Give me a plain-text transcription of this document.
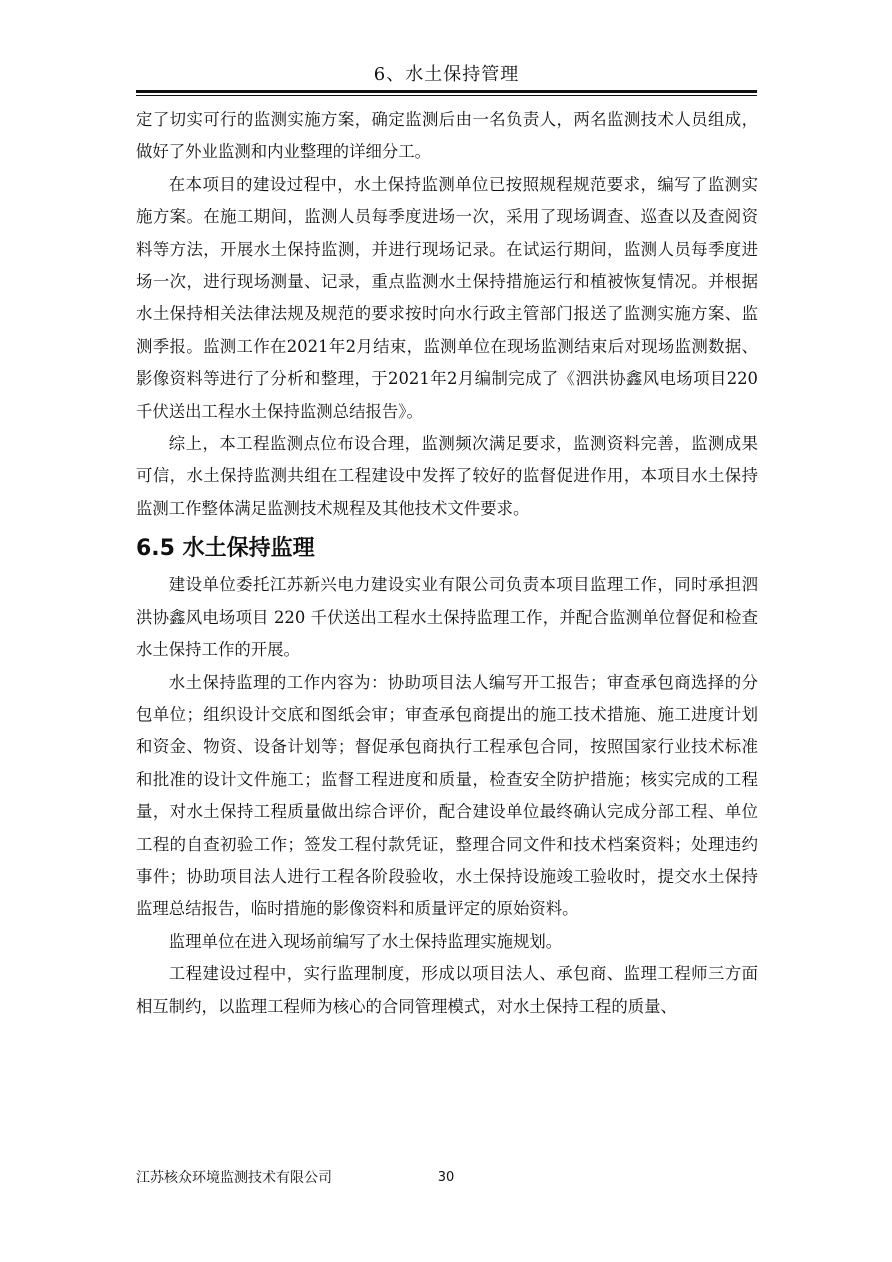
6、水土保持管理

定了切实可行的监测实施方案，确定监测后由一名负责人，两名监测技术人员组成，做好了外业监测和内业整理的详细分工。

在本项目的建设过程中，水土保持监测单位已按照规程规范要求，编写了监测实施方案。在施工期间，监测人员每季度进场一次，采用了现场调查、巡查以及查阅资料等方法，开展水土保持监测，并进行现场记录。在试运行期间，监测人员每季度进场一次，进行现场测量、记录，重点监测水土保持措施运行和植被恢复情况。并根据水土保持相关法律法规及规范的要求按时向水行政主管部门报送了监测实施方案、监测季报。监测工作在2021年2月结束，监测单位在现场监测结束后对现场监测数据、影像资料等进行了分析和整理，于2021年2月编制完成了《泗洪协鑫风电场项目220千伏送出工程水土保持监测总结报告》。

综上，本工程监测点位布设合理，监测频次满足要求，监测资料完善，监测成果可信，水土保持监测共组在工程建设中发挥了较好的监督促进作用，本项目水土保持监测工作整体满足监测技术规程及其他技术文件要求。

6.5 水土保持监理

建设单位委托江苏新兴电力建设实业有限公司负责本项目监理工作，同时承担泗洪协鑫风电场项目 220 千伏送出工程水土保持监理工作，并配合监测单位督促和检查水土保持工作的开展。

水土保持监理的工作内容为：协助项目法人编写开工报告；审查承包商选择的分包单位；组织设计交底和图纸会审；审查承包商提出的施工技术措施、施工进度计划和资金、物资、设备计划等；督促承包商执行工程承包合同，按照国家行业技术标准和批准的设计文件施工；监督工程进度和质量，检查安全防护措施；核实完成的工程量，对水土保持工程质量做出综合评价，配合建设单位最终确认完成分部工程、单位工程的自查初验工作；签发工程付款凭证，整理合同文件和技术档案资料；处理违约事件；协助项目法人进行工程各阶段验收，水土保持设施竣工验收时，提交水土保持监理总结报告，临时措施的影像资料和质量评定的原始资料。

监理单位在进入现场前编写了水土保持监理实施规划。

工程建设过程中，实行监理制度，形成以项目法人、承包商、监理工程师三方面相互制约，以监理工程师为核心的合同管理模式，对水土保持工程的质量、

江苏核众环境监测技术有限公司	30
